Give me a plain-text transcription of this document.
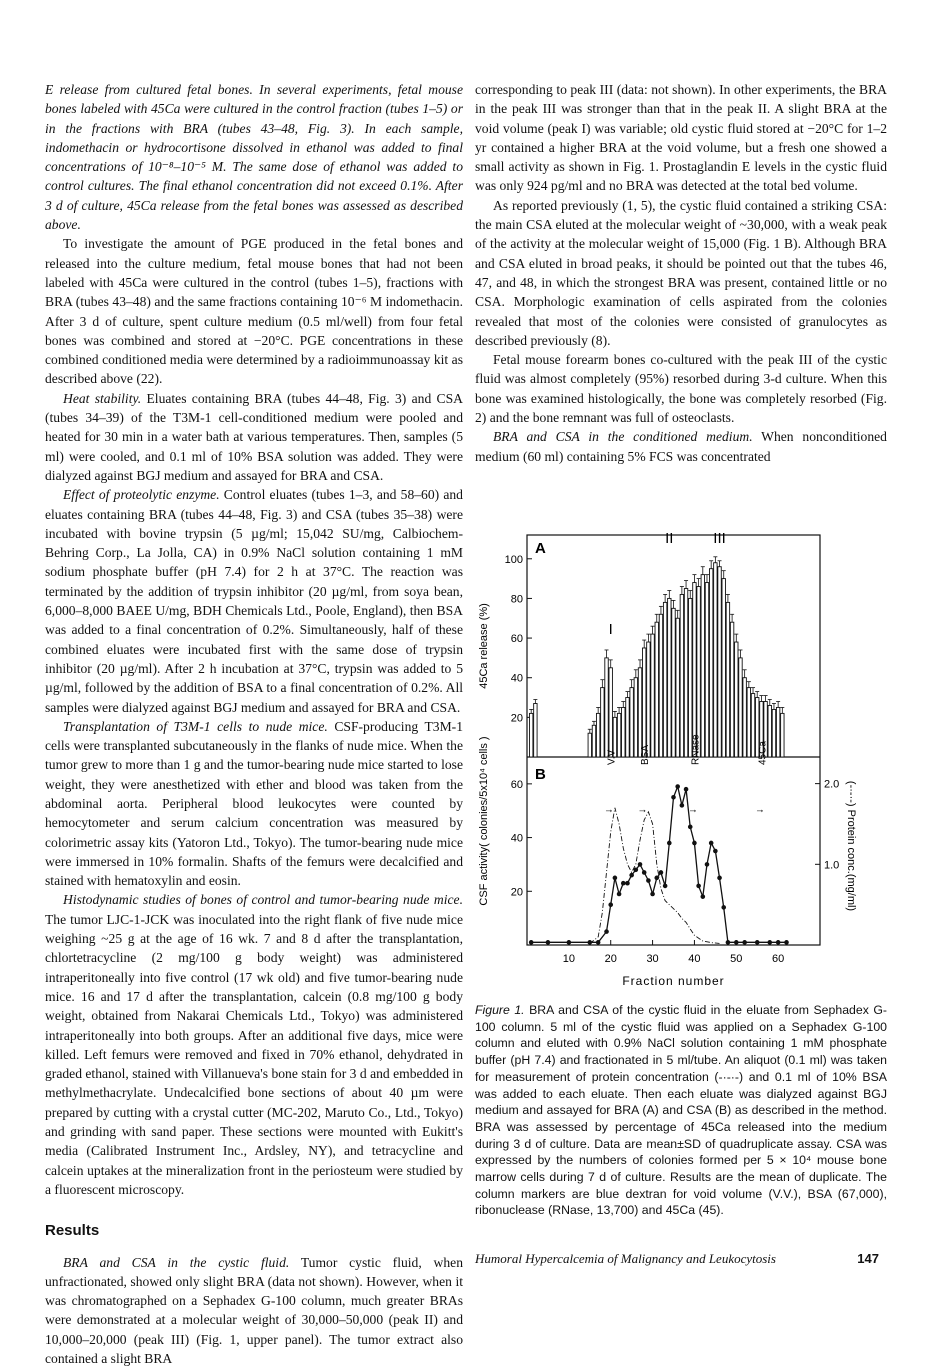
E release from cultured fetal bones. In several experiments, fetal mouse bones labeled with 45Ca were cultured in the control fraction (tubes 1–5) or in the fractions with BRA (tubes 43–48, Fig. 3). In each sample, indomethacin or hydrocortisone dissolved in ethanol was added to final concentrations of 10⁻⁸–10⁻⁵ M. The same dose of ethanol was added to control cultures. The final ethanol concentration did not exceed 0.1%. After 3 d of culture, 45Ca release from the fetal bones was assessed as described above.

To investigate the amount of PGE produced in the fetal bones and released into the culture medium, fetal mouse bones that had not been labeled with 45Ca were cultured in the control (tubes 1–5), fractions with BRA (tubes 43–48) and the same fractions containing 10⁻⁶ M indomethacin. After 3 d of culture, spent culture medium (0.5 ml/well) from four fetal bones was combined and stored at −20°C. PGE concentrations in these combined conditioned media were determined by a radioimmunoassay kit as described above (22).

Heat stability. Eluates containing BRA (tubes 44–48, Fig. 3) and CSA (tubes 34–39) of the T3M-1 cell-conditioned medium were pooled and heated for 30 min in a water bath at various temperatures. Then, samples (5 ml) were cooled, and 0.1 ml of 10% BSA solution was added. They were dialyzed against BGJ medium and assayed for BRA and CSA.

Effect of proteolytic enzyme. Control eluates (tubes 1–3, and 58–60) and eluates containing BRA (tubes 44–48, Fig. 3) and CSA (tubes 35–38) were incubated with bovine trypsin (5 µg/ml; 15,042 SU/mg, Calbiochem-Behring Corp., La Jolla, CA) in 0.9% NaCl solution containing 1 mM sodium phosphate buffer (pH 7.4) for 2 h at 37°C. The reaction was terminated by the addition of trypsin inhibitor (20 µg/ml, from soya bean, 6,000–8,000 BAEE U/mg, BDH Chemicals Ltd., Poole, England), then BSA was added to a final concentration of 0.2%. Simultaneously, half of these combined eluates were incubated first with the same dose of trypsin inhibitor (20 µg/ml). After 2 h incubation at 37°C, trypsin was added to 5 µg/ml, followed by the addition of BSA to a final concentration of 0.2%. All samples were dialyzed against BGJ medium and assayed for BRA and CSA.

Transplantation of T3M-1 cells to nude mice. CSF-producing T3M-1 cells were transplanted subcutaneously in the flanks of nude mice. When the tumor grew to more than 1 g and the tumor-bearing nude mice started to lose weight, they were anesthetized with ether and blood was taken from the abdominal aorta. Peripheral blood leukocytes were counted by hemocytometer and serum calcium concentration was measured by colorimetric assay kits (Yatoron Ltd., Tokyo). The tumor-bearing nude mice were immersed in 10% formalin. Shafts of the femurs were decalcified and stained with hematoxylin and eosin.

Histodynamic studies of bones of control and tumor-bearing nude mice. The tumor LJC-1-JCK was inoculated into the right flank of five nude mice weighing ~25 g at the age of 16 wk. 7 and 8 d after the transplantation, chlortetracycline (2 mg/100 g body weight) was administered intraperitoneally into five control (17 wk old) and five tumor-bearing nude mice. 16 and 17 d after the transplantation, calcein (0.8 mg/100 g body weight, obtained from Nakarai Chemicals Ltd., Tokyo) was administered intraperitoneally into both groups. After an additional five days, mice were killed. Left femurs were removed and fixed in 70% ethanol, dehydrated in graded ethanol, stained with Villanueva's bone stain for 3 d and embedded in methylmethacrylate. Undecalcified bone sections of about 40 µm were prepared by cutting with a crystal cutter (MC-202, Maruto Co., Ltd., Tokyo) and grinding with sand paper. These sections were mounted with Eukitt's media (Calibrated Instrument Inc., Ardsley, NY), and tetracycline and calcein uptakes at the mineralization front in the periosteum were studied by a fluorescent microscopy.

Results

BRA and CSA in the cystic fluid. Tumor cystic fluid, when unfractionated, showed only slight BRA (data not shown). However, when it was chromatographed on a Sephadex G-100 column, much greater BRAs were demonstrated at a molecular weight of 30,000–50,000 (peak II) and 10,000–20,000 (peak III) (Fig. 1, upper panel). The tumor extract also contained a slight BRA

corresponding to peak III (data: not shown). In other experiments, the BRA in the peak III was stronger than that in the peak II. A slight BRA at the void volume (peak I) was variable; old cystic fluid stored at −20°C for 1–2 yr contained a higher BRA at the void volume, but a fresh one showed a small activity as shown in Fig. 1. Prostaglandin E levels in the cystic fluid was only 924 pg/ml and no BRA was detected at the total bed volume.

As reported previously (1, 5), the cystic fluid contained a striking CSA: the main CSA eluted at the molecular weight of ~30,000, with a weak peak of the activity at the molecular weight of 15,000 (Fig. 1 B). Although BRA and CSA eluted in broad peaks, it should be pointed out that the tubes 46, 47, and 48, in which the strongest BRA was present, contained little or no CSA. Morphologic examination of cells aspirated from the colonies revealed that most of the colonies were consisted of granulocytes as described previously (8).

Fetal mouse forearm bones co-cultured with the peak III of the cystic fluid was almost completely (95%) resorbed during 3-d culture. When this bone was examined histologically, the bone was completely resorbed (Fig. 2) and the bone remnant was full of osteoclasts.

BRA and CSA in the conditioned medium. When nonconditioned medium (60 ml) containing 5% FCS was concentrated

A
B
20
40
60
80
100
45Ca release (%)	I
II	III
20
40
60
1.0
2.0
10	20	30	40	50	60
Fraction number
CSF activity( colonies/5x10⁴ cells )	(-·-·-) Protein conc.(mg/ml)
V.V
↓
BSA
↓
RNase
↓
45Ca
↓
Figure 1. BRA and CSA of the cystic fluid in the eluate from Sephadex G-100 column. 5 ml of the cystic fluid was applied on a Sephadex G-100 column and eluted with 0.9% NaCl solution containing 1 mM phosphate buffer (pH 7.4) and fractionated in 5 ml/tube. An aliquot (0.1 ml) was taken for measurement of protein concentration (-·-·-) and 0.1 ml of 10% BSA was added to each eluate. Then each eluate was dialyzed against BGJ medium and assayed for BRA (A) and CSA (B) as described in the method. BRA was assessed by percentage of 45Ca released into the medium during 3 d of culture. Data are mean±SD of quadruplicate assay. CSA was expressed by the numbers of colonies formed per 5 × 10⁴ mouse bone marrow cells during 7 d of culture. Results are the mean of duplicate. The column markers are blue dextran for void volume (V.V.), BSA (67,000), ribonuclease (RNase, 13,700) and 45Ca (45).
Humoral Hypercalcemia of Malignancy and Leukocytosis	147
